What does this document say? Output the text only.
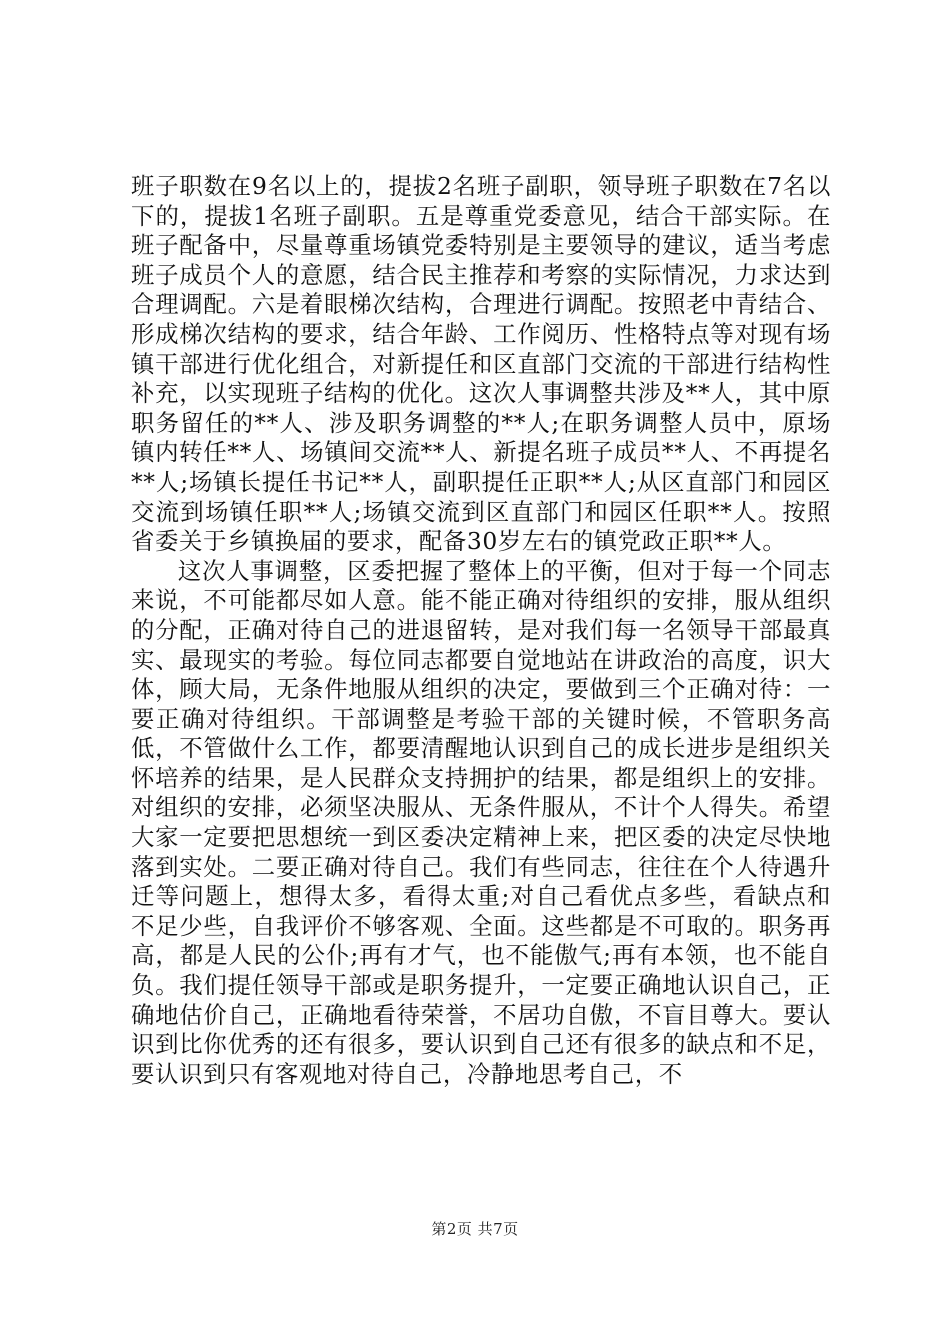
班子职数在9名以上的，提拔2名班子副职，领导班子职数在7名以下的，提拔1名班子副职。五是尊重党委意见，结合干部实际。在班子配备中，尽量尊重场镇党委特别是主要领导的建议，适当考虑班子成员个人的意愿，结合民主推荐和考察的实际情况，力求达到合理调配。六是着眼梯次结构，合理进行调配。按照老中青结合、形成梯次结构的要求，结合年龄、工作阅历、性格特点等对现有场镇干部进行优化组合，对新提任和区直部门交流的干部进行结构性补充，以实现班子结构的优化。这次人事调整共涉及**人，其中原职务留任的**人、涉及职务调整的**人;在职务调整人员中，原场镇内转任**人、场镇间交流**人、新提名班子成员**人、不再提名**人;场镇长提任书记**人，副职提任正职**人;从区直部门和园区交流到场镇任职**人;场镇交流到区直部门和园区任职**人。按照省委关于乡镇换届的要求，配备30岁左右的镇党政正职**人。

这次人事调整，区委把握了整体上的平衡，但对于每一个同志来说，不可能都尽如人意。能不能正确对待组织的安排，服从组织的分配，正确对待自己的进退留转，是对我们每一名领导干部最真实、最现实的考验。每位同志都要自觉地站在讲政治的高度，识大体，顾大局，无条件地服从组织的决定，要做到三个正确对待：一要正确对待组织。干部调整是考验干部的关键时候，不管职务高低，不管做什么工作，都要清醒地认识到自己的成长进步是组织关怀培养的结果，是人民群众支持拥护的结果，都是组织上的安排。对组织的安排，必须坚决服从、无条件服从，不计个人得失。希望大家一定要把思想统一到区委决定精神上来，把区委的决定尽快地落到实处。二要正确对待自己。我们有些同志，往往在个人待遇升迁等问题上，想得太多，看得太重;对自己看优点多些，看缺点和不足少些，自我评价不够客观、全面。这些都是不可取的。职务再高，都是人民的公仆;再有才气，也不能傲气;再有本领，也不能自负。我们提任领导干部或是职务提升，一定要正确地认识自己，正确地估价自己，正确地看待荣誉，不居功自傲，不盲目尊大。要认识到比你优秀的还有很多，要认识到自己还有很多的缺点和不足，要认识到只有客观地对待自己，冷静地思考自己，不

第2页 共7页
